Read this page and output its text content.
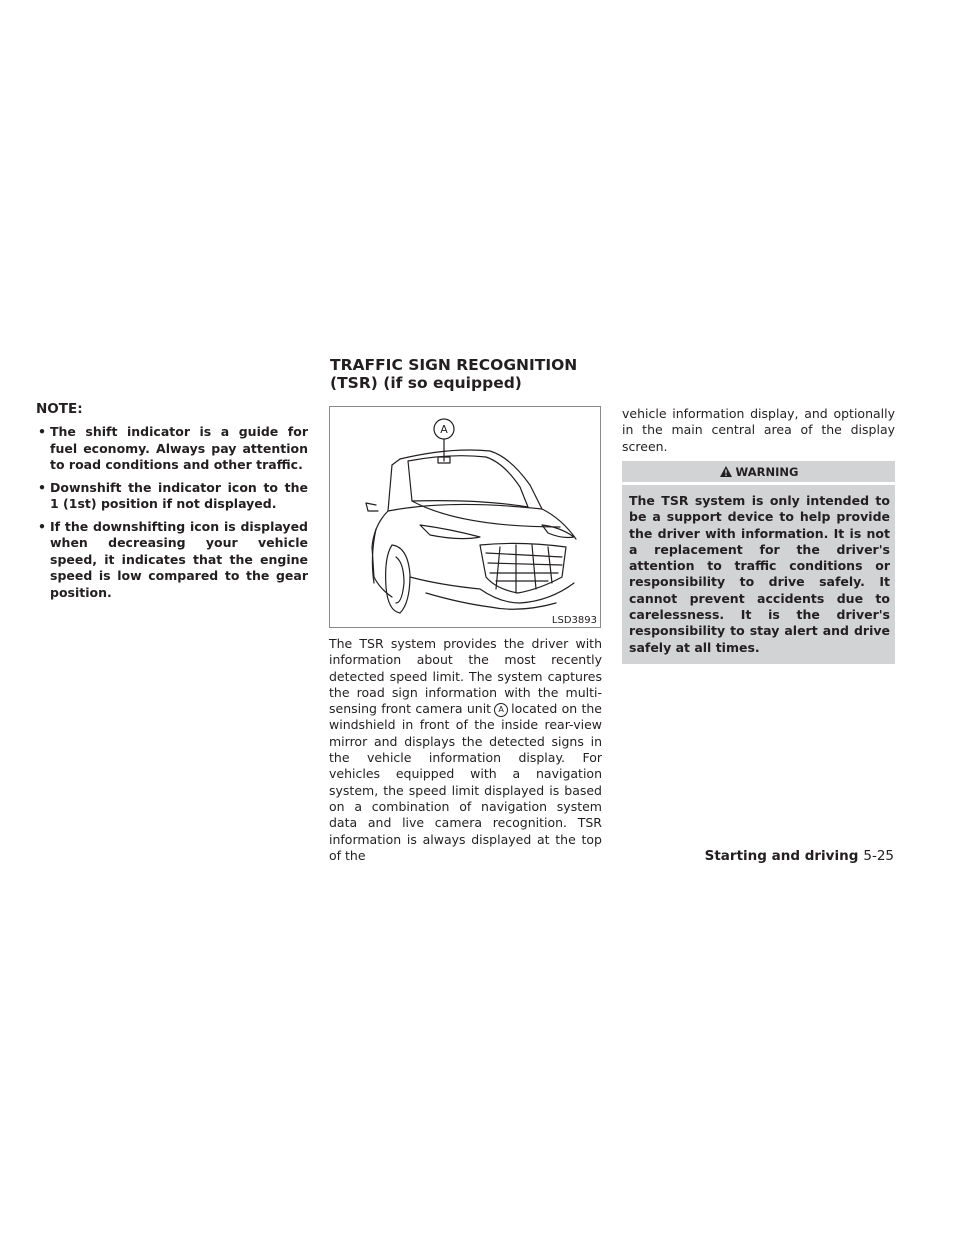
NOTE:
• The shift indicator is a guide for fuel economy. Always pay attention to road conditions and other traffic.
• Downshift the indicator icon to the 1 (1st) position if not displayed.
• If the downshifting icon is displayed when decreasing your vehicle speed, it indicates that the engine speed is low compared to the gear position.
TRAFFIC SIGN RECOGNITION (TSR) (if so equipped)
A
LSD3893

The TSR system provides the driver with information about the most recently detected speed limit. The system captures the road sign information with the multi-sensing front camera unit A located on the windshield in front of the inside rear-view mirror and displays the detected signs in the vehicle information display. For vehicles equipped with a navigation system, the speed limit displayed is based on a combination of navigation system data and live camera recognition. TSR information is always displayed at the top of the

vehicle information display, and optionally in the main central area of the display screen.

WARNING

The TSR system is only intended to be a support device to help provide the driver with information. It is not a replacement for the driver's attention to traffic conditions or responsibility to drive safely. It cannot prevent accidents due to carelessness. It is the driver's responsibility to stay alert and drive safely at all times.

Starting and driving 5-25
